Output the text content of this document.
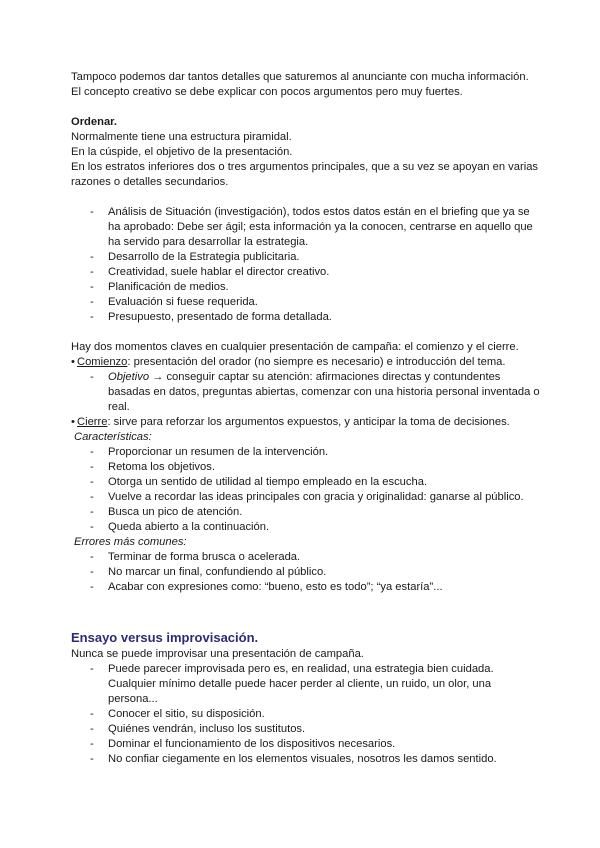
Tampoco podemos dar tantos detalles que saturemos al anunciante con mucha información.

El concepto creativo se debe explicar con pocos argumentos pero muy fuertes.

Ordenar.

Normalmente tiene una estructura piramidal.

En la cúspide, el objetivo de la presentación.

En los estratos inferiores dos o tres argumentos principales, que a su vez se apoyan en varias razones o detalles secundarios.

- Análisis de Situación (investigación), todos estos datos están en el briefing que ya se ha aprobado: Debe ser ágil; esta información ya la conocen, centrarse en aquello que ha servido para desarrollar la estrategia.
- Desarrollo de la Estrategia publicitaria.
- Creatividad, suele hablar el director creativo.
- Planificación de medios.
- Evaluación si fuese requerida.
- Presupuesto, presentado de forma detallada.

Hay dos momentos claves en cualquier presentación de campaña: el comienzo y el cierre.

• Comienzo: presentación del orador (no siempre es necesario) e introducción del tema.

- Objetivo → conseguir captar su atención: afirmaciones directas y contundentes basadas en datos, preguntas abiertas, comenzar con una historia personal inventada o real.

• Cierre: sirve para reforzar los argumentos expuestos, y anticipar la toma de decisiones.

Características:

- Proporcionar un resumen de la intervención.
- Retoma los objetivos.
- Otorga un sentido de utilidad al tiempo empleado en la escucha.
- Vuelve a recordar las ideas principales con gracia y originalidad: ganarse al público.
- Busca un pico de atención.
- Queda abierto a la continuación.

Errores más comunes:

- Terminar de forma brusca o acelerada.
- No marcar un final, confundiendo al público.
- Acabar con expresiones como: “bueno, esto es todo”; “ya estaría”...

Ensayo versus improvisación.

Nunca se puede improvisar una presentación de campaña.

- Puede parecer improvisada pero es, en realidad, una estrategia bien cuidada. Cualquier mínimo detalle puede hacer perder al cliente, un ruido, un olor, una persona...
- Conocer el sitio, su disposición.
- Quiénes vendrán, incluso los sustitutos.
- Dominar el funcionamiento de los dispositivos necesarios.
- No confiar ciegamente en los elementos visuales, nosotros les damos sentido.
